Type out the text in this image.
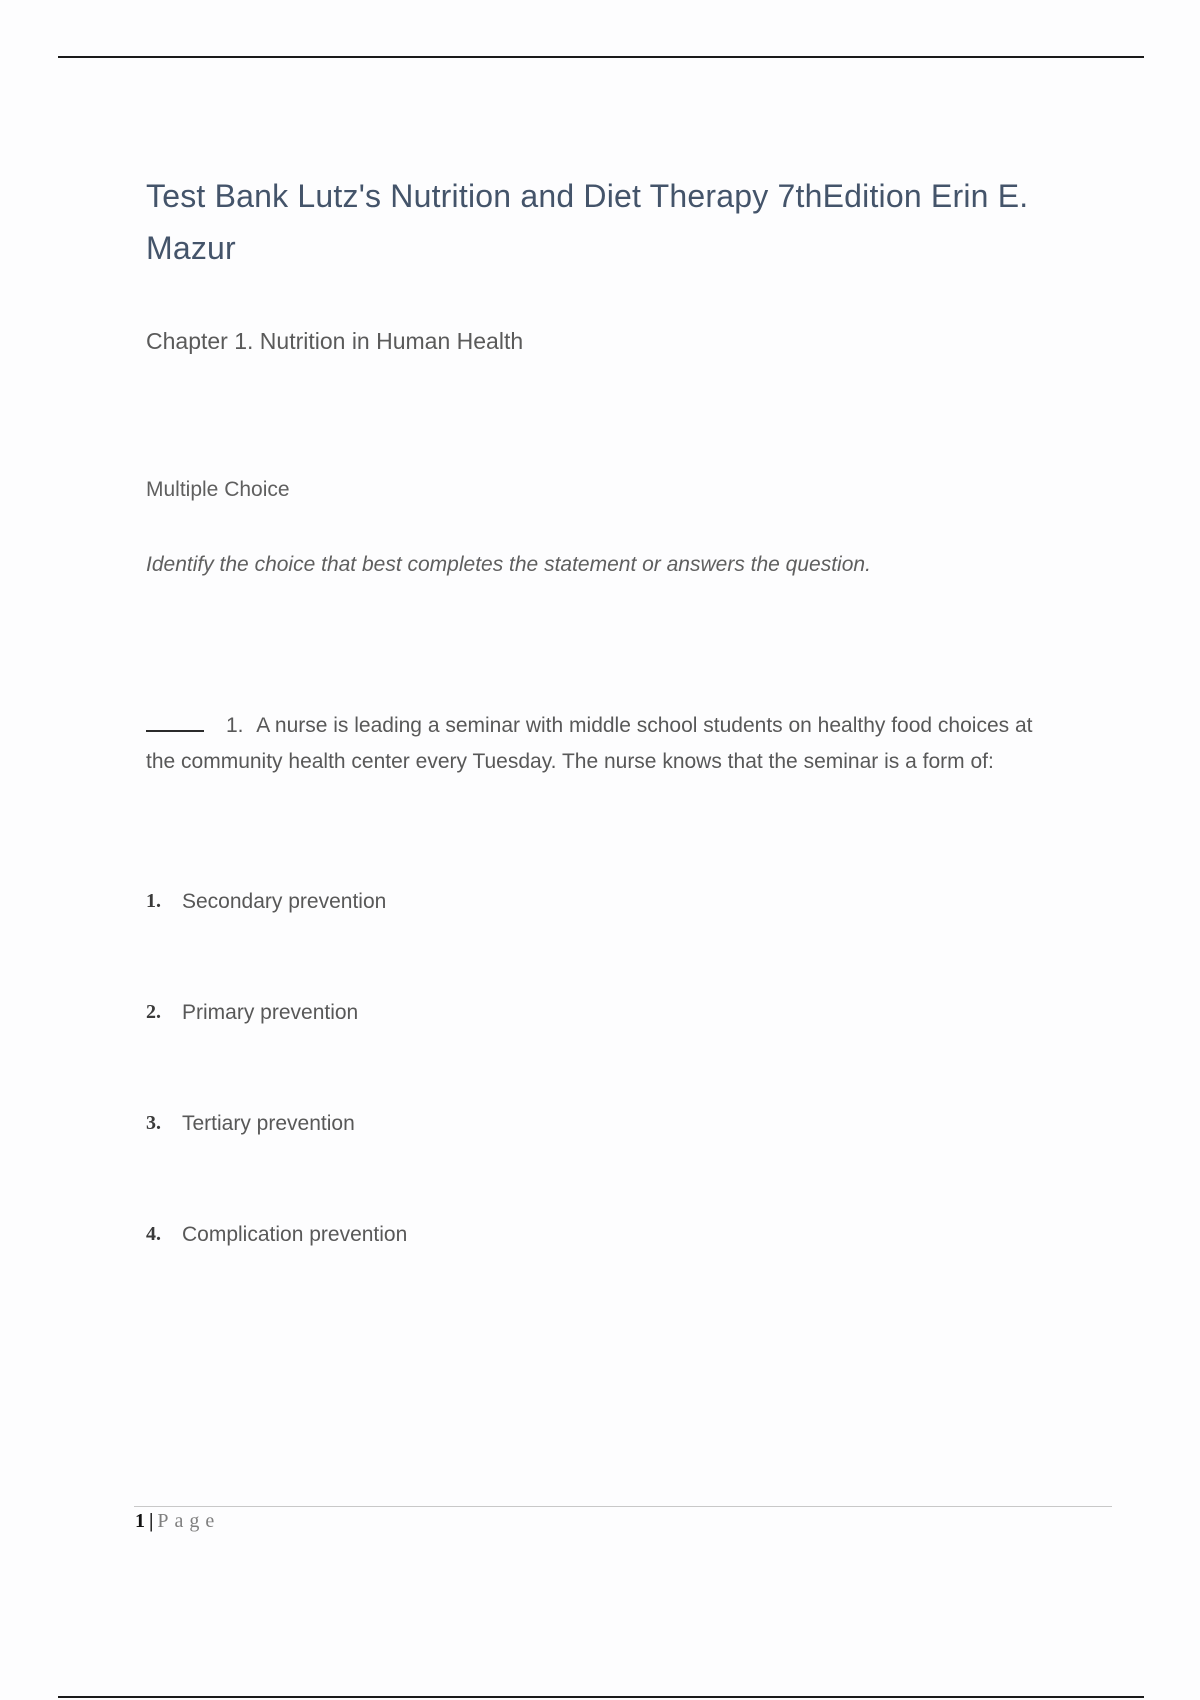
Test Bank Lutz's Nutrition and Diet Therapy 7thEdition Erin E. Mazur
Chapter 1. Nutrition in Human Health
Multiple Choice
Identify the choice that best completes the statement or answers the question.
1. A nurse is leading a seminar with middle school students on healthy food choices at the community health center every Tuesday. The nurse knows that the seminar is a form of:
1.	Secondary prevention
2.	Primary prevention
3.	Tertiary prevention
4.	Complication prevention
1 | Page
